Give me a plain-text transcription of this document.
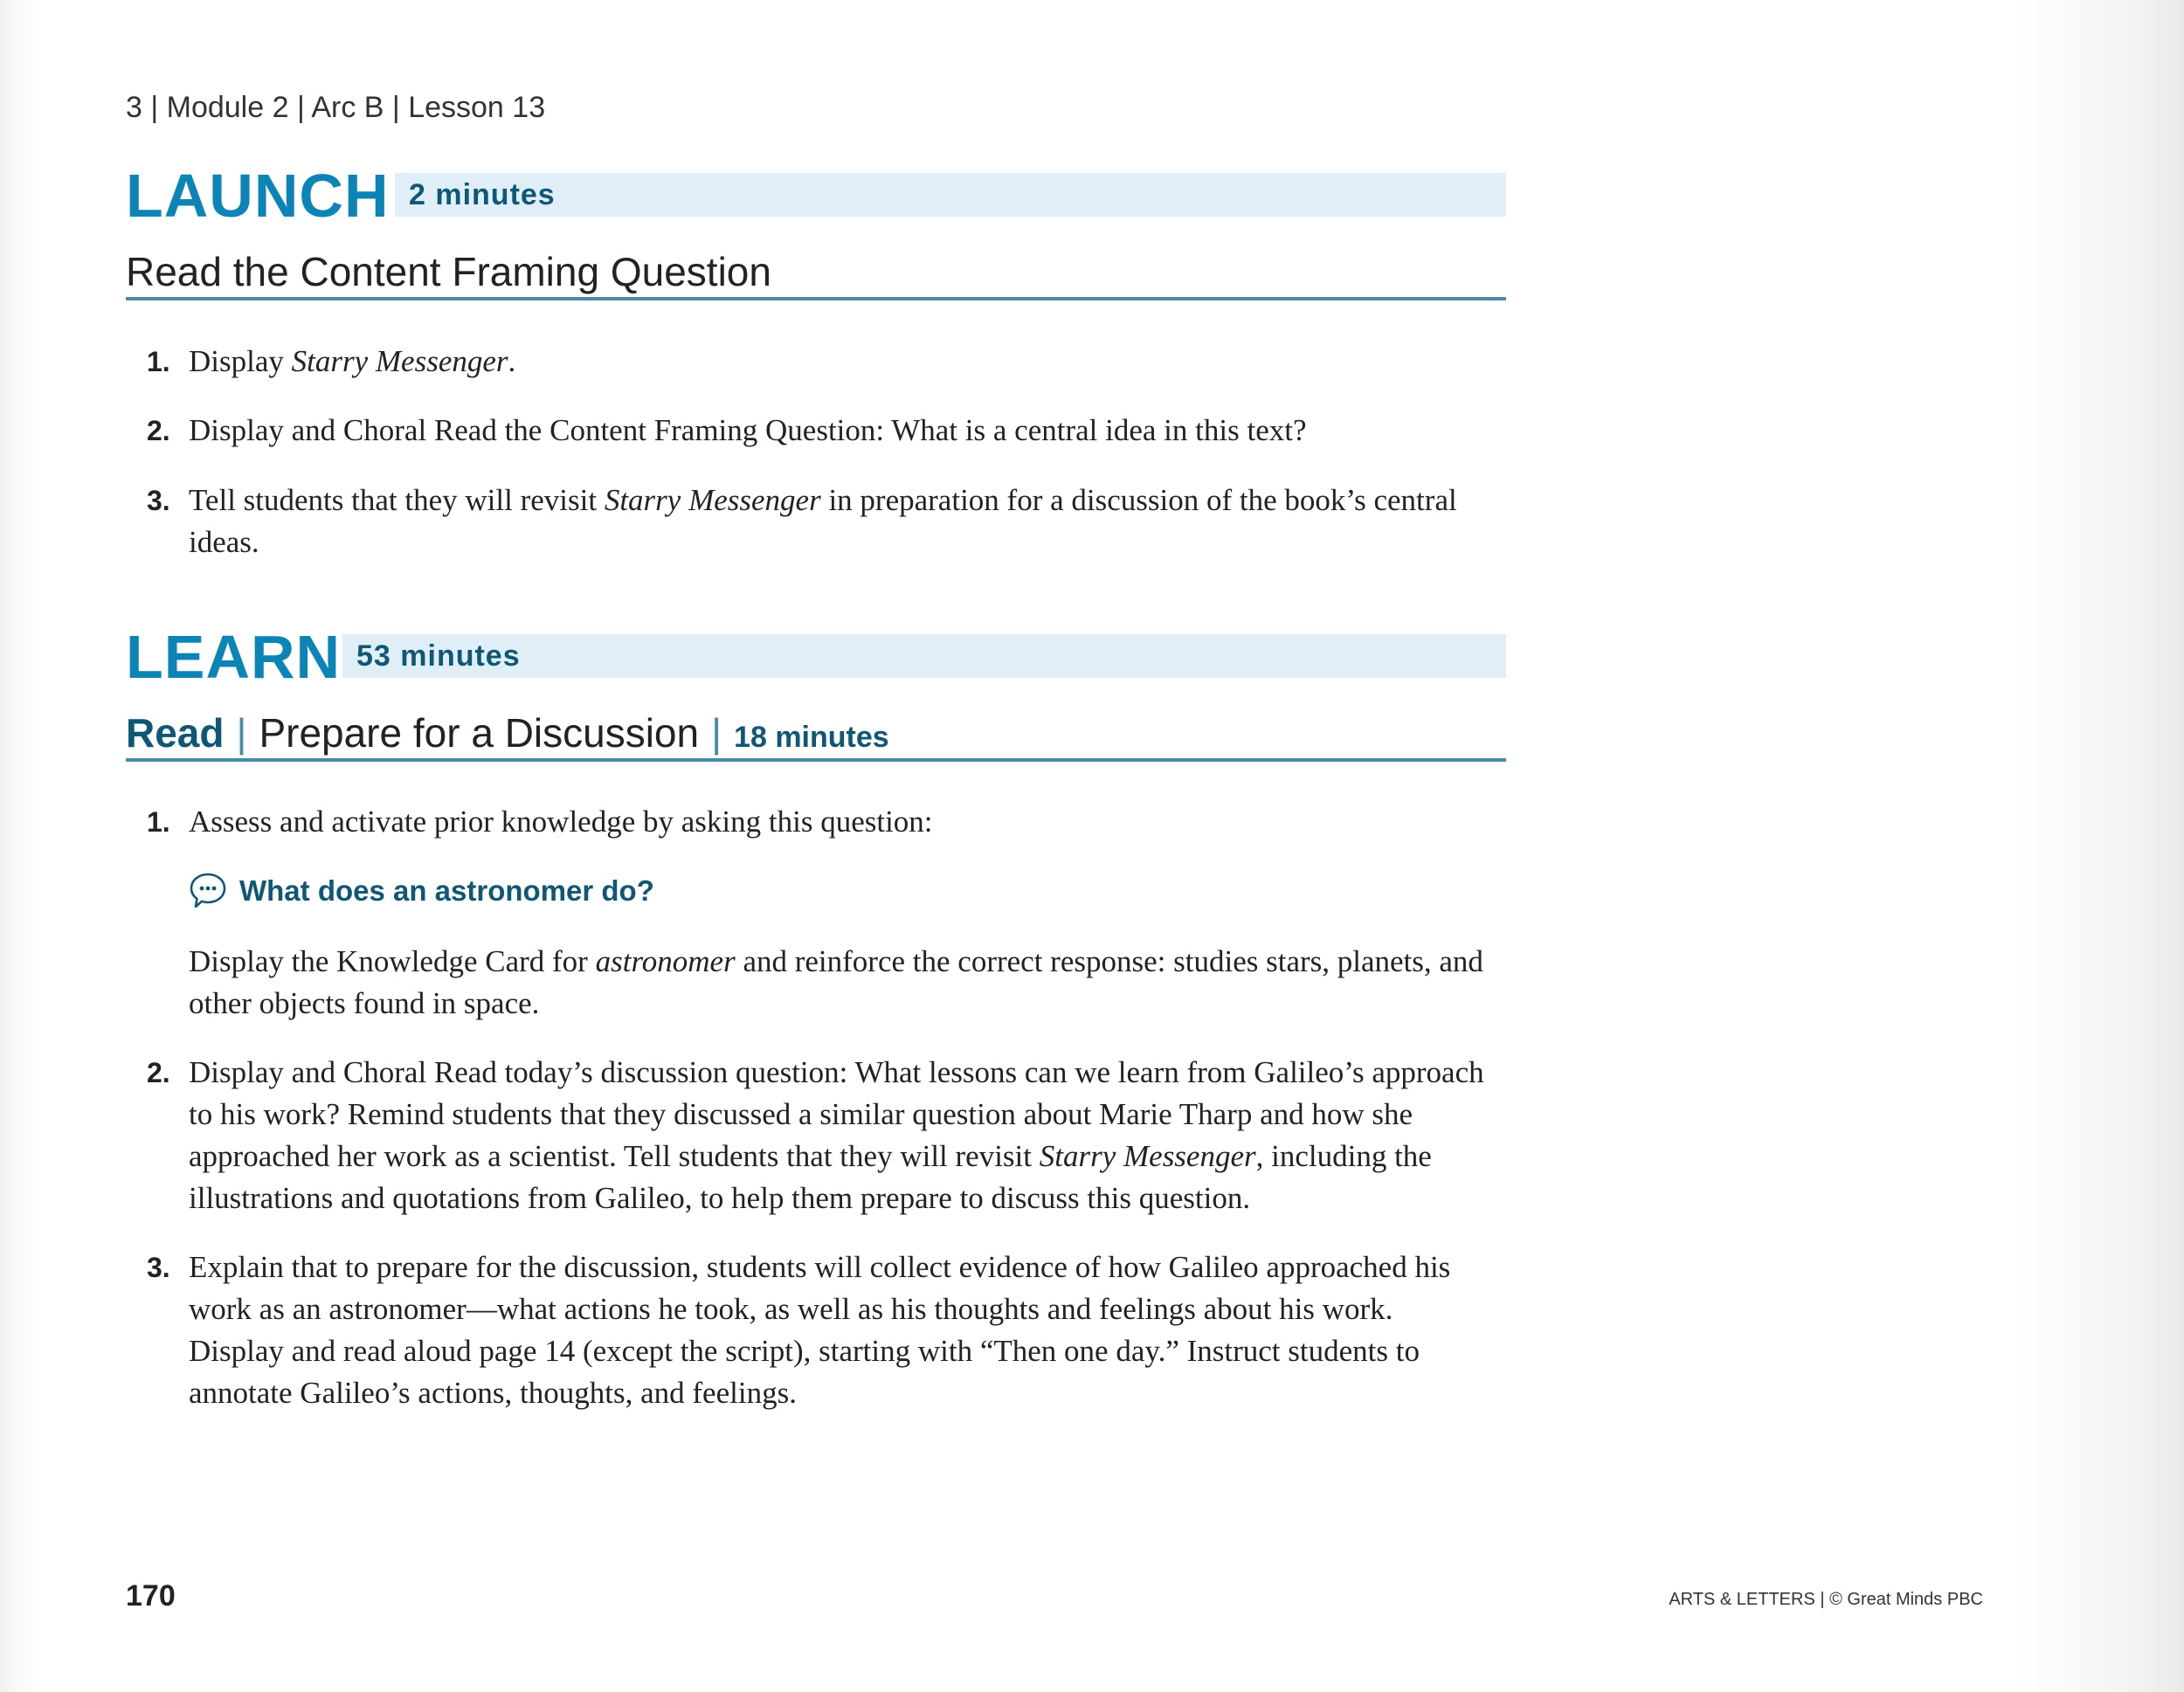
3 | Module 2 | Arc B | Lesson 13
LAUNCH 2 minutes
Read the Content Framing Question
1. Display Starry Messenger.
2. Display and Choral Read the Content Framing Question: What is a central idea in this text?
3. Tell students that they will revisit Starry Messenger in preparation for a discussion of the book’s central ideas.
LEARN 53 minutes
Read | Prepare for a Discussion | 18 minutes
1. Assess and activate prior knowledge by asking this question:
What does an astronomer do?
Display the Knowledge Card for astronomer and reinforce the correct response: studies stars, planets, and other objects found in space.
2. Display and Choral Read today’s discussion question: What lessons can we learn from Galileo’s approach to his work? Remind students that they discussed a similar question about Marie Tharp and how she approached her work as a scientist. Tell students that they will revisit Starry Messenger, including the illustrations and quotations from Galileo, to help them prepare to discuss this question.
3. Explain that to prepare for the discussion, students will collect evidence of how Galileo approached his work as an astronomer—what actions he took, as well as his thoughts and feelings about his work. Display and read aloud page 14 (except the script), starting with “Then one day.” Instruct students to annotate Galileo’s actions, thoughts, and feelings.
170	ARTS & LETTERS | © Great Minds PBC
